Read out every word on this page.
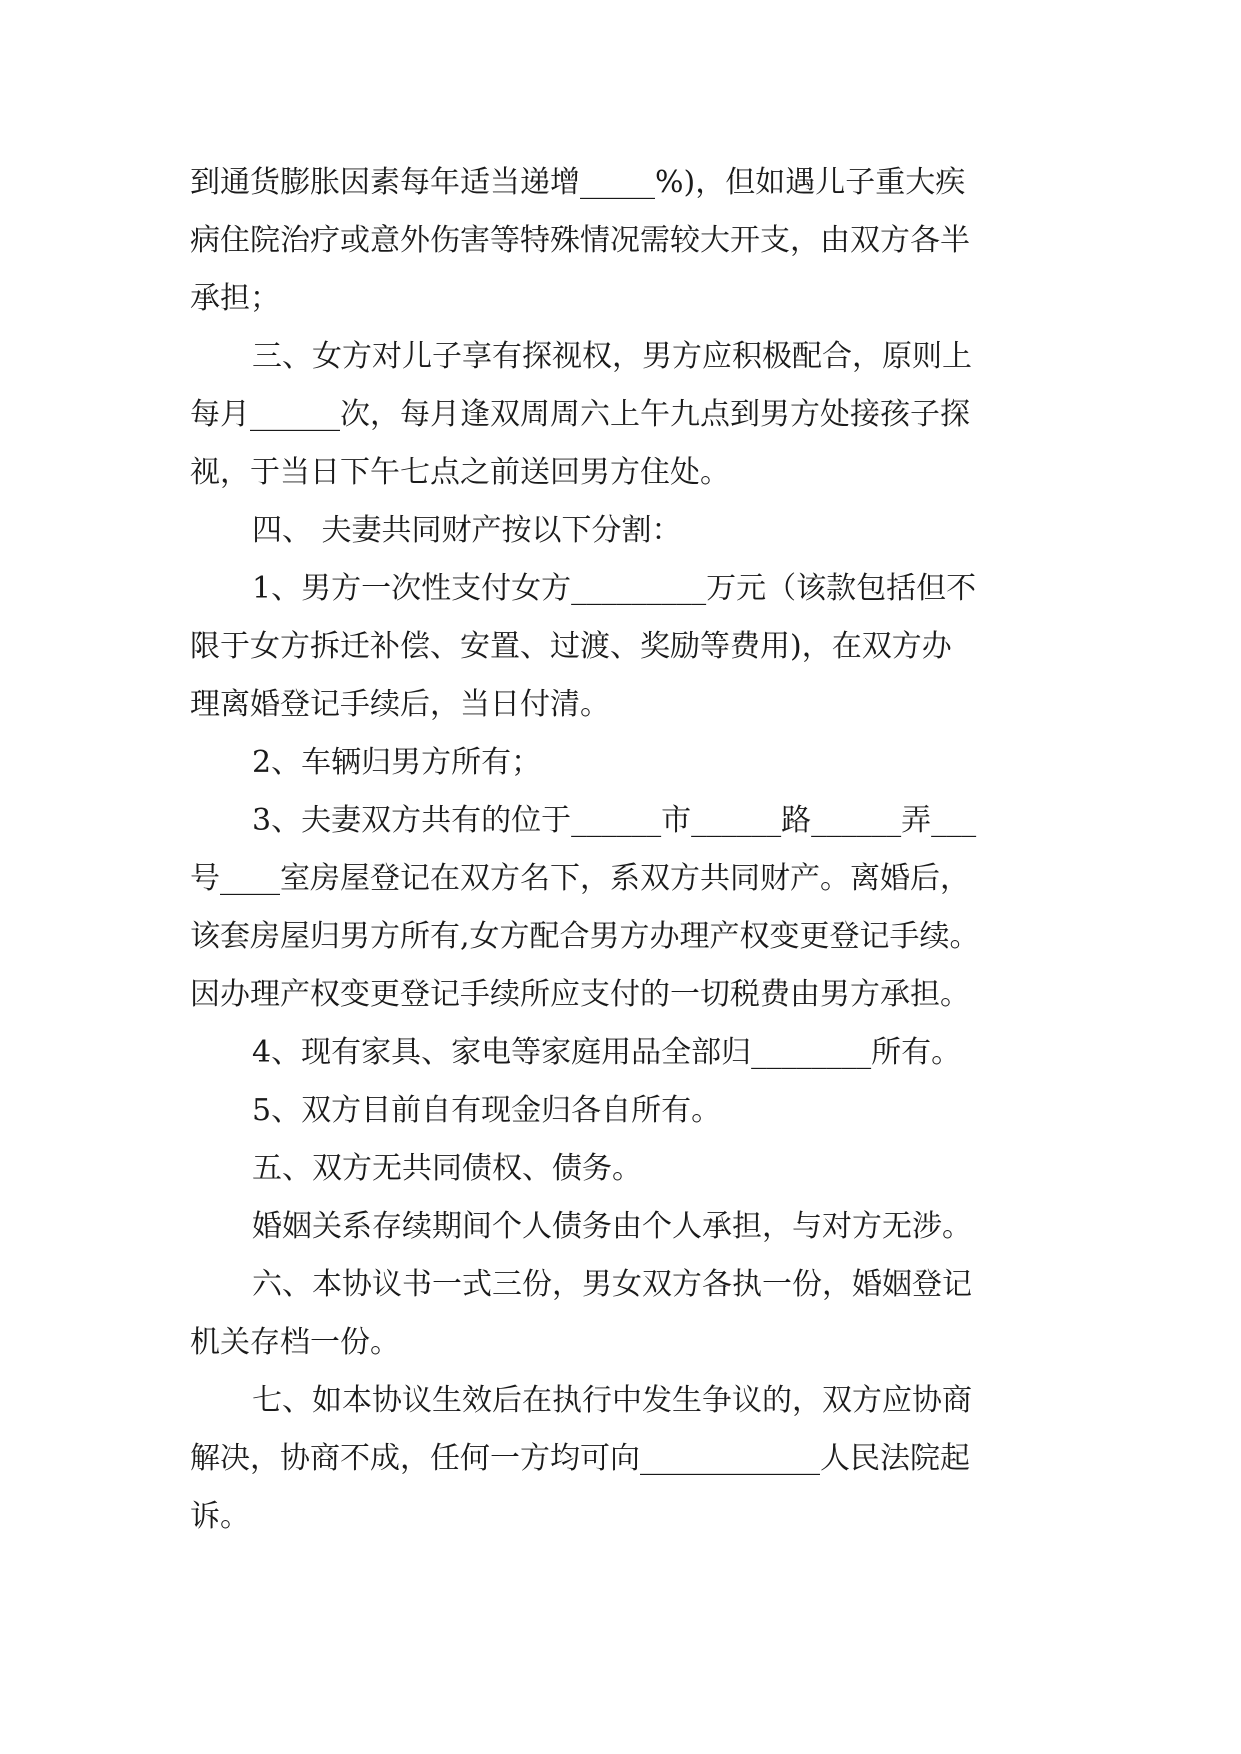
到通货膨胀因素每年适当递增_____%)，但如遇儿子重大疾
病住院治疗或意外伤害等特殊情况需较大开支，由双方各半
承担；
三、女方对儿子享有探视权，男方应积极配合，原则上
每月______次，每月逢双周周六上午九点到男方处接孩子探
视，于当日下午七点之前送回男方住处。
四、 夫妻共同财产按以下分割：
1、男方一次性支付女方_________万元（该款包括但不
限于女方拆迁补偿、安置、过渡、奖励等费用)，在双方办
理离婚登记手续后，当日付清。
2、车辆归男方所有；
3、夫妻双方共有的位于______市______路______弄___
号____室房屋登记在双方名下，系双方共同财产。离婚后，
该套房屋归男方所有,女方配合男方办理产权变更登记手续。
因办理产权变更登记手续所应支付的一切税费由男方承担。
4、现有家具、家电等家庭用品全部归________所有。
5、双方目前自有现金归各自所有。
五、双方无共同债权、债务。
婚姻关系存续期间个人债务由个人承担，与对方无涉。
六、本协议书一式三份，男女双方各执一份，婚姻登记
机关存档一份。
七、如本协议生效后在执行中发生争议的，双方应协商
解决，协商不成，任何一方均可向____________人民法院起
诉。
